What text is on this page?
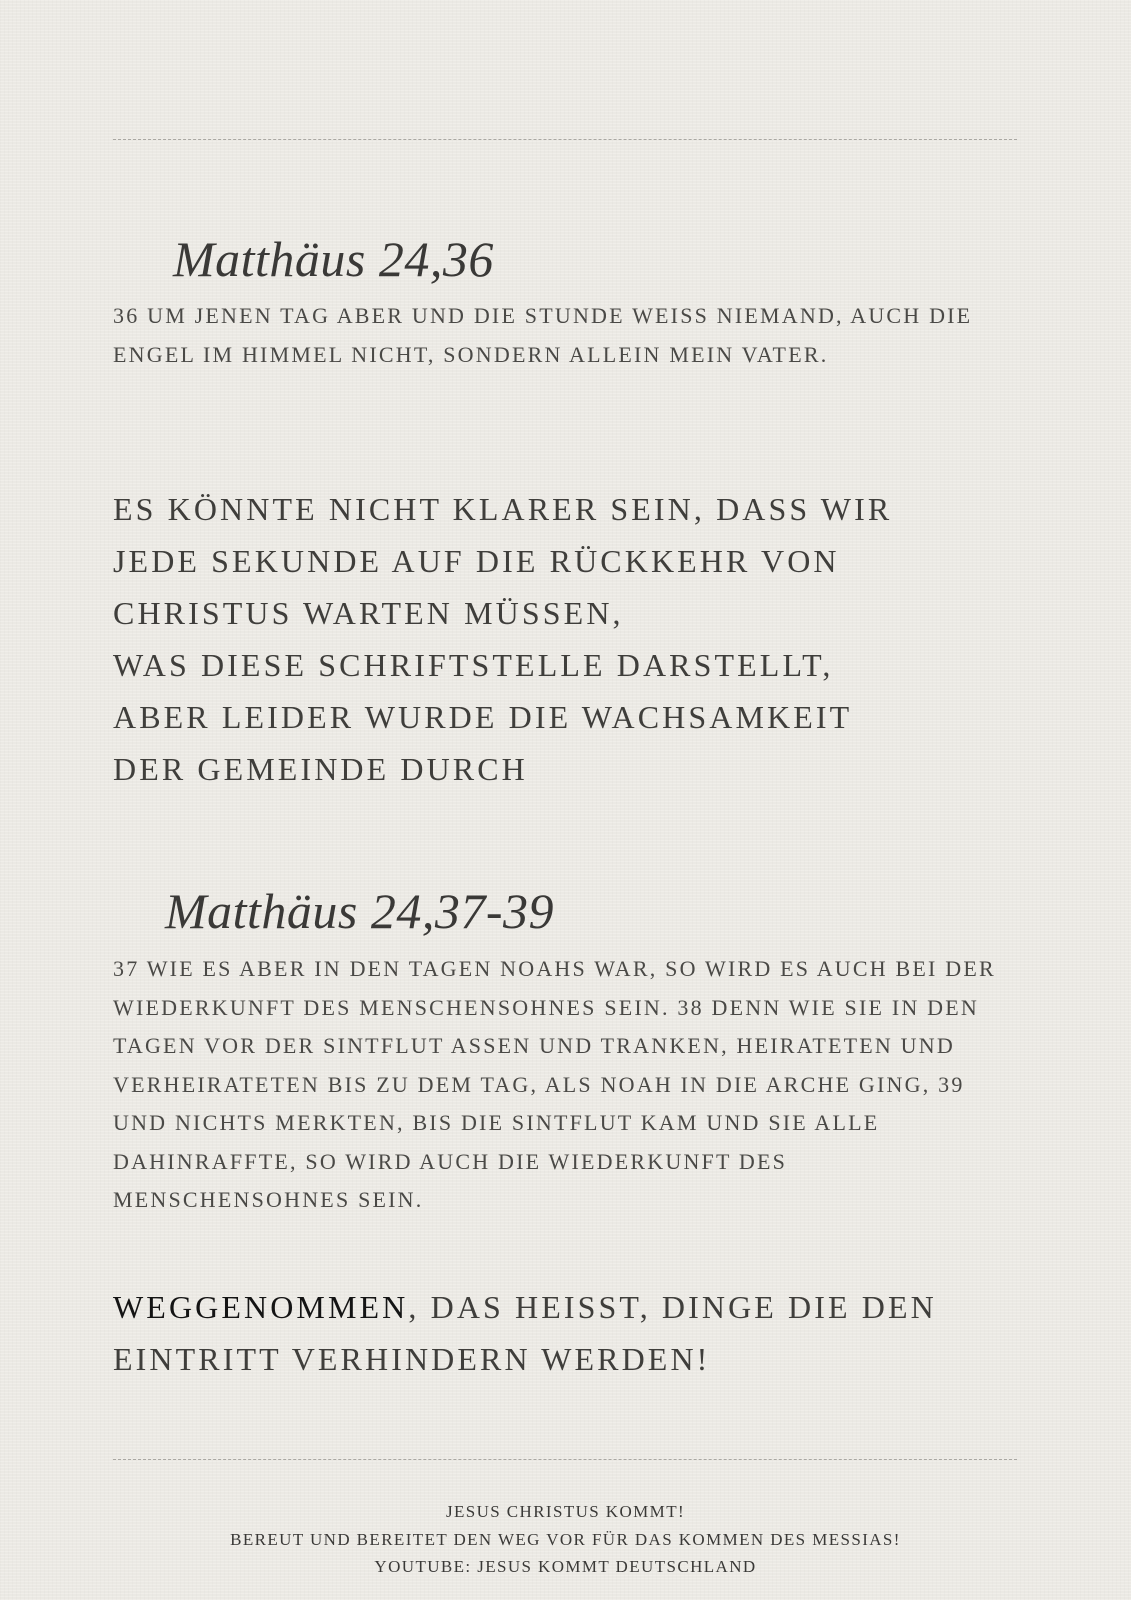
Matthäus 24,36

36 UM JENEN TAG ABER UND DIE STUNDE WEISS NIEMAND, AUCH DIE ENGEL IM HIMMEL NICHT, SONDERN ALLEIN MEIN VATER.

ES KÖNNTE NICHT KLARER SEIN, DASS WIR
JEDE SEKUNDE AUF DIE RÜCKKEHR VON
CHRISTUS WARTEN MÜSSEN,
WAS DIESE SCHRIFTSTELLE DARSTELLT,
ABER LEIDER WURDE DIE WACHSAMKEIT
DER GEMEINDE DURCH
Matthäus 24,37-39

37 WIE ES ABER IN DEN TAGEN NOAHS WAR, SO WIRD ES AUCH BEI DER WIEDERKUNFT DES MENSCHENSOHNES SEIN. 38 DENN WIE SIE IN DEN TAGEN VOR DER SINTFLUT ASSEN UND TRANKEN, HEIRATETEN UND VERHEIRATETEN BIS ZU DEM TAG, ALS NOAH IN DIE ARCHE GING, 39 UND NICHTS MERKTEN, BIS DIE SINTFLUT KAM UND SIE ALLE DAHINRAFFTE, SO WIRD AUCH DIE WIEDERKUNFT DES MENSCHENSOHNES SEIN.

WEGGENOMMEN, DAS HEISST, DINGE DIE DEN
EINTRITT VERHINDERN WERDEN!
JESUS CHRISTUS KOMMT!
BEREUT UND BEREITET DEN WEG VOR FÜR DAS KOMMEN DES MESSIAS!
YOUTUBE: JESUS KOMMT DEUTSCHLAND
